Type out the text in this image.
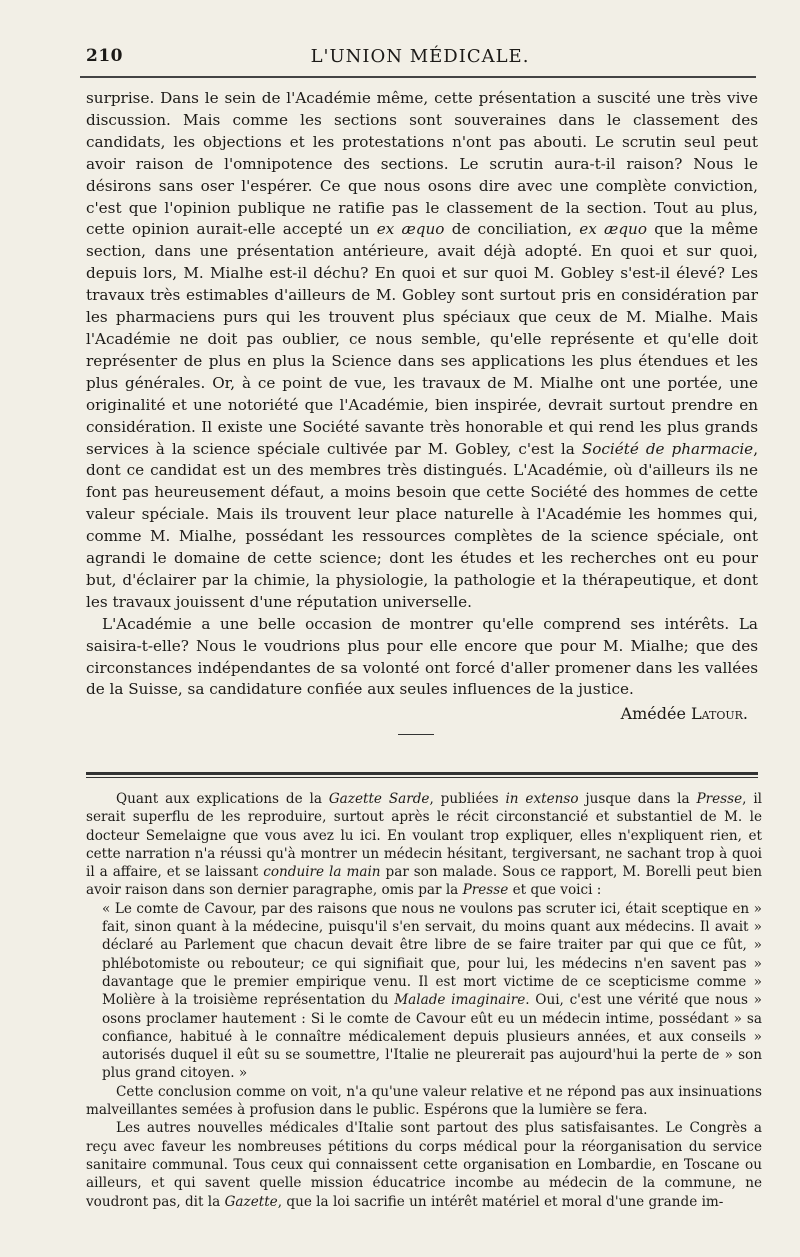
210	L'UNION MÉDICALE.

surprise. Dans le sein de l'Académie même, cette présentation a suscité une très vive discussion. Mais comme les sections sont souveraines dans le classement des candidats, les objections et les protestations n'ont pas abouti. Le scrutin seul peut avoir raison de l'omnipotence des sections. Le scrutin aura-t-il raison? Nous le désirons sans oser l'espérer. Ce que nous osons dire avec une complète conviction, c'est que l'opinion publique ne ratifie pas le classement de la section. Tout au plus, cette opinion aurait-elle accepté un ex æquo de conciliation, ex æquo que la même section, dans une présentation antérieure, avait déjà adopté. En quoi et sur quoi, depuis lors, M. Mialhe est-il déchu? En quoi et sur quoi M. Gobley s'est-il élevé? Les travaux très estimables d'ailleurs de M. Gobley sont surtout pris en considération par les pharmaciens purs qui les trouvent plus spéciaux que ceux de M. Mialhe. Mais l'Académie ne doit pas oublier, ce nous semble, qu'elle représente et qu'elle doit représenter de plus en plus la Science dans ses applications les plus étendues et les plus générales. Or, à ce point de vue, les travaux de M. Mialhe ont une portée, une originalité et une notoriété que l'Académie, bien inspirée, devrait surtout prendre en considération. Il existe une Société savante très honorable et qui rend les plus grands services à la science spéciale cultivée par M. Gobley, c'est la Société de pharmacie, dont ce candidat est un des membres très distingués. L'Académie, où d'ailleurs ils ne font pas heureusement défaut, a moins besoin que cette Société des hommes de cette valeur spéciale. Mais ils trouvent leur place naturelle à l'Académie les hommes qui, comme M. Mialhe, possédant les ressources complètes de la science spéciale, ont agrandi le domaine de cette science; dont les études et les recherches ont eu pour but, d'éclairer par la chimie, la physiologie, la pathologie et la thérapeutique, et dont les travaux jouissent d'une réputation universelle.

L'Académie a une belle occasion de montrer qu'elle comprend ses intérêts. La saisira-t-elle? Nous le voudrions plus pour elle encore que pour M. Mialhe; que des circonstances indépendantes de sa volonté ont forcé d'aller promener dans les vallées de la Suisse, sa candidature confiée aux seules influences de la justice.

Amédée Latour.

Quant aux explications de la Gazette Sarde, publiées in extenso jusque dans la Presse, il serait superflu de les reproduire, surtout après le récit circonstancié et substantiel de M. le docteur Semelaigne que vous avez lu ici. En voulant trop expliquer, elles n'expliquent rien, et cette narration n'a réussi qu'à montrer un médecin hésitant, tergiversant, ne sachant trop à quoi il a affaire, et se laissant conduire la main par son malade. Sous ce rapport, M. Borelli peut bien avoir raison dans son dernier paragraphe, omis par la Presse et que voici :

« Le comte de Cavour, par des raisons que nous ne voulons pas scruter ici, était sceptique en » fait, sinon quant à la médecine, puisqu'il s'en servait, du moins quant aux médecins. Il avait » déclaré au Parlement que chacun devait être libre de se faire traiter par qui que ce fût, » phlébotomiste ou rebouteur; ce qui signifiait que, pour lui, les médecins n'en savent pas » davantage que le premier empirique venu. Il est mort victime de ce scepticisme comme » Molière à la troisième représentation du Malade imaginaire. Oui, c'est une vérité que nous » osons proclamer hautement : Si le comte de Cavour eût eu un médecin intime, possédant » sa confiance, habitué à le connaître médicalement depuis plusieurs années, et aux conseils » autorisés duquel il eût su se soumettre, l'Italie ne pleurerait pas aujourd'hui la perte de » son plus grand citoyen. »

Cette conclusion comme on voit, n'a qu'une valeur relative et ne répond pas aux insinuations malveillantes semées à profusion dans le public. Espérons que la lumière se fera.

Les autres nouvelles médicales d'Italie sont partout des plus satisfaisantes. Le Congrès a reçu avec faveur les nombreuses pétitions du corps médical pour la réorganisation du service sanitaire communal. Tous ceux qui connaissent cette organisation en Lombardie, en Toscane ou ailleurs, et qui savent quelle mission éducatrice incombe au médecin de la commune, ne voudront pas, dit la Gazette, que la loi sacrifie un intérêt matériel et moral d'une grande im-
